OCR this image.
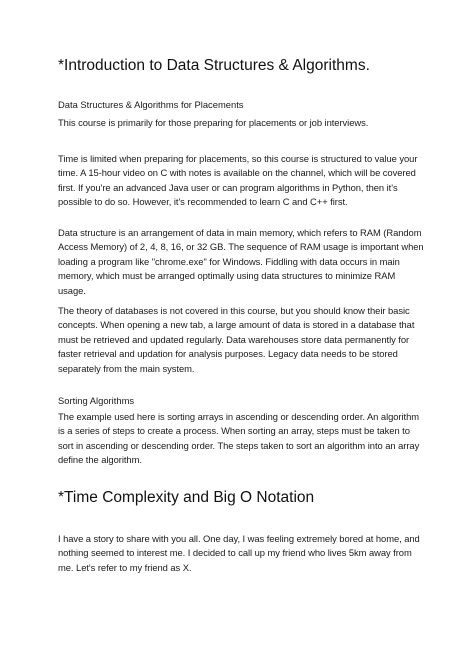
*Introduction to Data Structures & Algorithms.

Data Structures & Algorithms for Placements

This course is primarily for those preparing for placements or job interviews.

Time is limited when preparing for placements, so this course is structured to value your time. A 15-hour video on C with notes is available on the channel, which will be covered first. If you're an advanced Java user or can program algorithms in Python, then it's possible to do so. However, it's recommended to learn C and C++ first.

Data structure is an arrangement of data in main memory, which refers to RAM (Random Access Memory) of 2, 4, 8, 16, or 32 GB. The sequence of RAM usage is important when loading a program like "chrome.exe" for Windows. Fiddling with data occurs in main memory, which must be arranged optimally using data structures to minimize RAM usage.

The theory of databases is not covered in this course, but you should know their basic concepts. When opening a new tab, a large amount of data is stored in a database that must be retrieved and updated regularly. Data warehouses store data permanently for faster retrieval and updation for analysis purposes. Legacy data needs to be stored separately from the main system.

Sorting Algorithms

The example used here is sorting arrays in ascending or descending order. An algorithm is a series of steps to create a process. When sorting an array, steps must be taken to sort in ascending or descending order. The steps taken to sort an algorithm into an array define the algorithm.

*Time Complexity and Big O Notation

I have a story to share with you all. One day, I was feeling extremely bored at home, and nothing seemed to interest me. I decided to call up my friend who lives 5km away from me. Let's refer to my friend as X.
